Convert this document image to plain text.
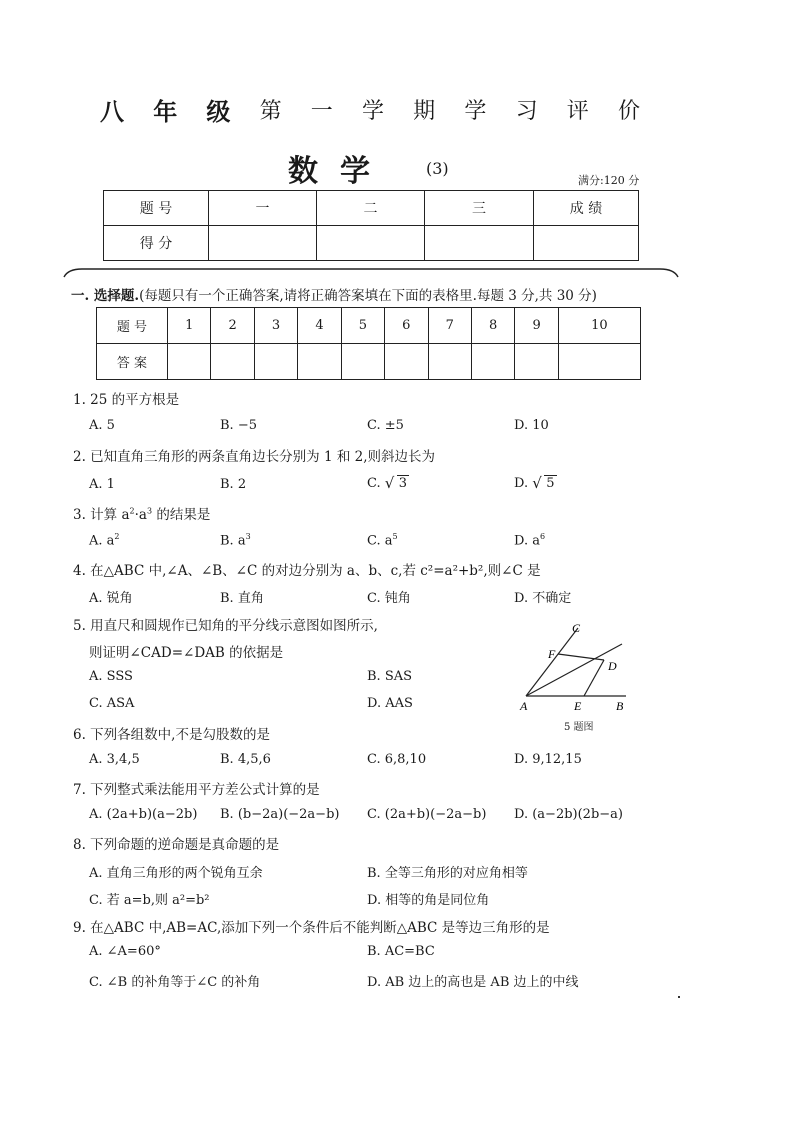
八 年 级 第 一 学 期 学 习 评 价
数学 (3)
满分:120 分
题 号	一	二	三	成 绩
得 分				
一. 选择题.(每题只有一个正确答案,请将正确答案填在下面的表格里.每题 3 分,共 30 分)
题 号	1	2	3	4	5	6	7	8	9	10
答 案										
1. 25 的平方根是
A. 5	B. −5	C. ±5	D. 10
2. 已知直角三角形的两条直角边长分别为 1 和 2,则斜边长为
A. 1	B. 2	C. √ 3	D. √ 5
3. 计算 $a^2\cdot a^3$ 的结果是
A. $a^2$	B. $a^3$	C. $a^5$	D. $a^6$
4. 在△ABC 中,∠A、∠B、∠C 的对边分别为 a、b、c,若 c²=a²+b²,则∠C 是
A. 锐角	B. 直角	C. 钝角	D. 不确定
5. 用直尺和圆规作已知角的平分线示意图如图所示,
则证明∠CAD=∠DAB 的依据是
A. SSS	B. SAS
C. ASA	D. AAS
C
F
D
A	E	B
5 题图
6. 下列各组数中,不是勾股数的是
A. 3,4,5	B. 4,5,6	C. 6,8,10	D. 9,12,15
7. 下列整式乘法能用平方差公式计算的是
A. (2a+b)(a−2b) B. (b−2a)(−2a−b) C. (2a+b)(−2a−b) D. (a−2b)(2b−a)
8. 下列命题的逆命题是真命题的是
A. 直角三角形的两个锐角互余	B. 全等三角形的对应角相等
C. 若 a=b,则 a²=b²	D. 相等的角是同位角
9. 在△ABC 中,AB=AC,添加下列一个条件后不能判断△ABC 是等边三角形的是
A. ∠A=60°	B. AC=BC
C. ∠B 的补角等于∠C 的补角	D. AB 边上的高也是 AB 边上的中线
